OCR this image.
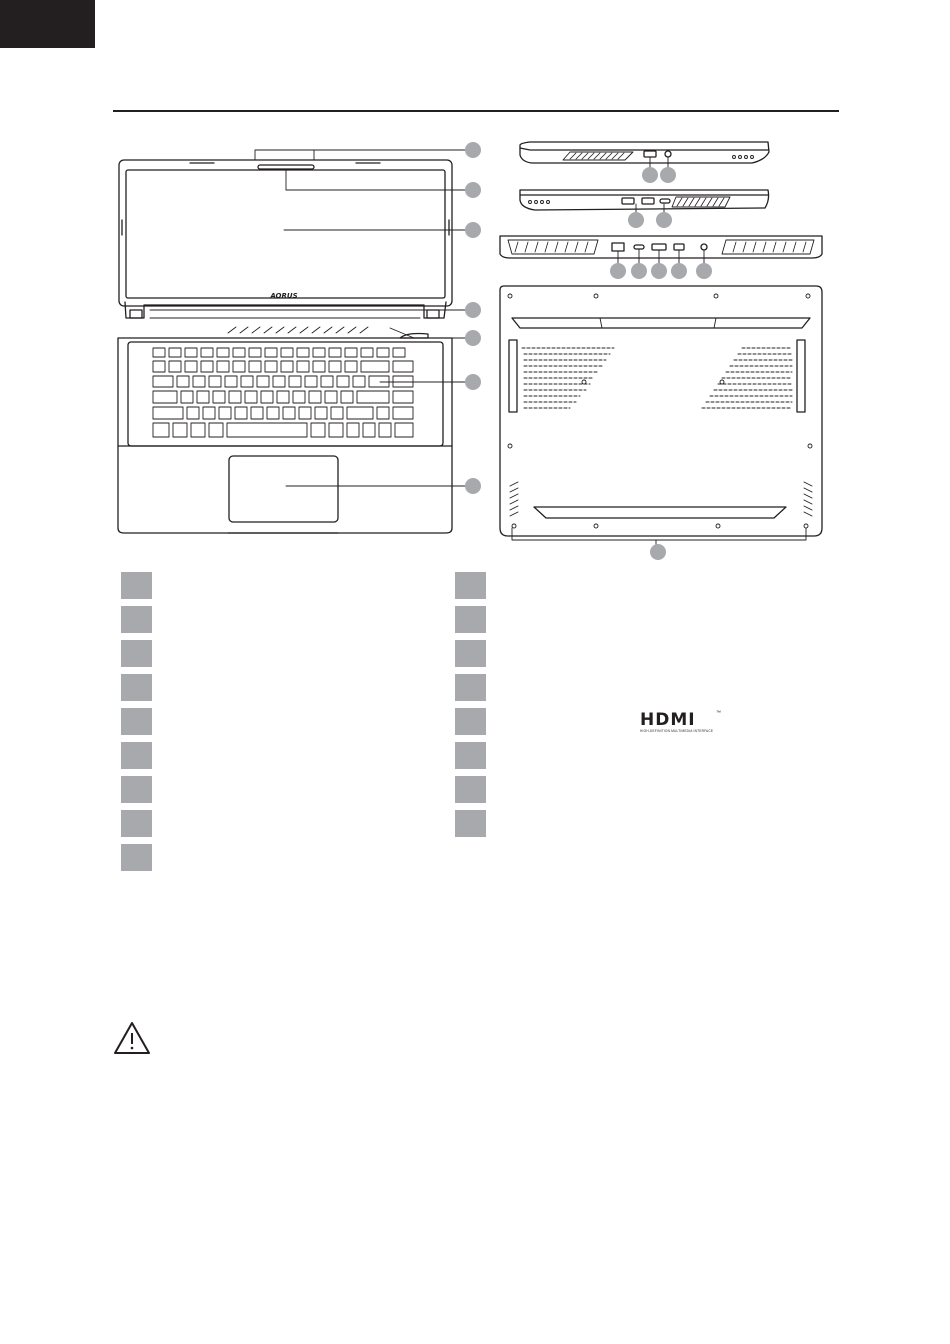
AORUS
HDMI	™
HIGH-DEFINITION MULTIMEDIA INTERFACE
